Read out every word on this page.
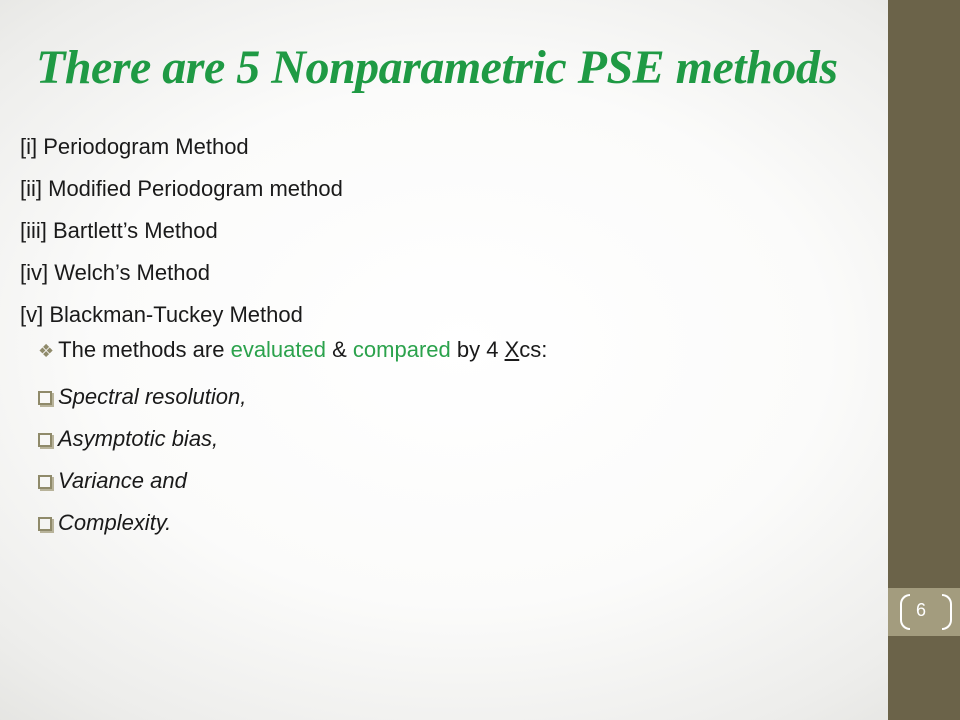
There are 5 Nonparametric PSE methods
[i] Periodogram Method
[ii] Modified Periodogram method
[iii] Bartlett’s Method
[iv] Welch’s Method
[v] Blackman-Tuckey Method
❖ The methods are evaluated & compared by 4 Xcs:
Spectral resolution,
Asymptotic bias,
Variance and
Complexity.
6
